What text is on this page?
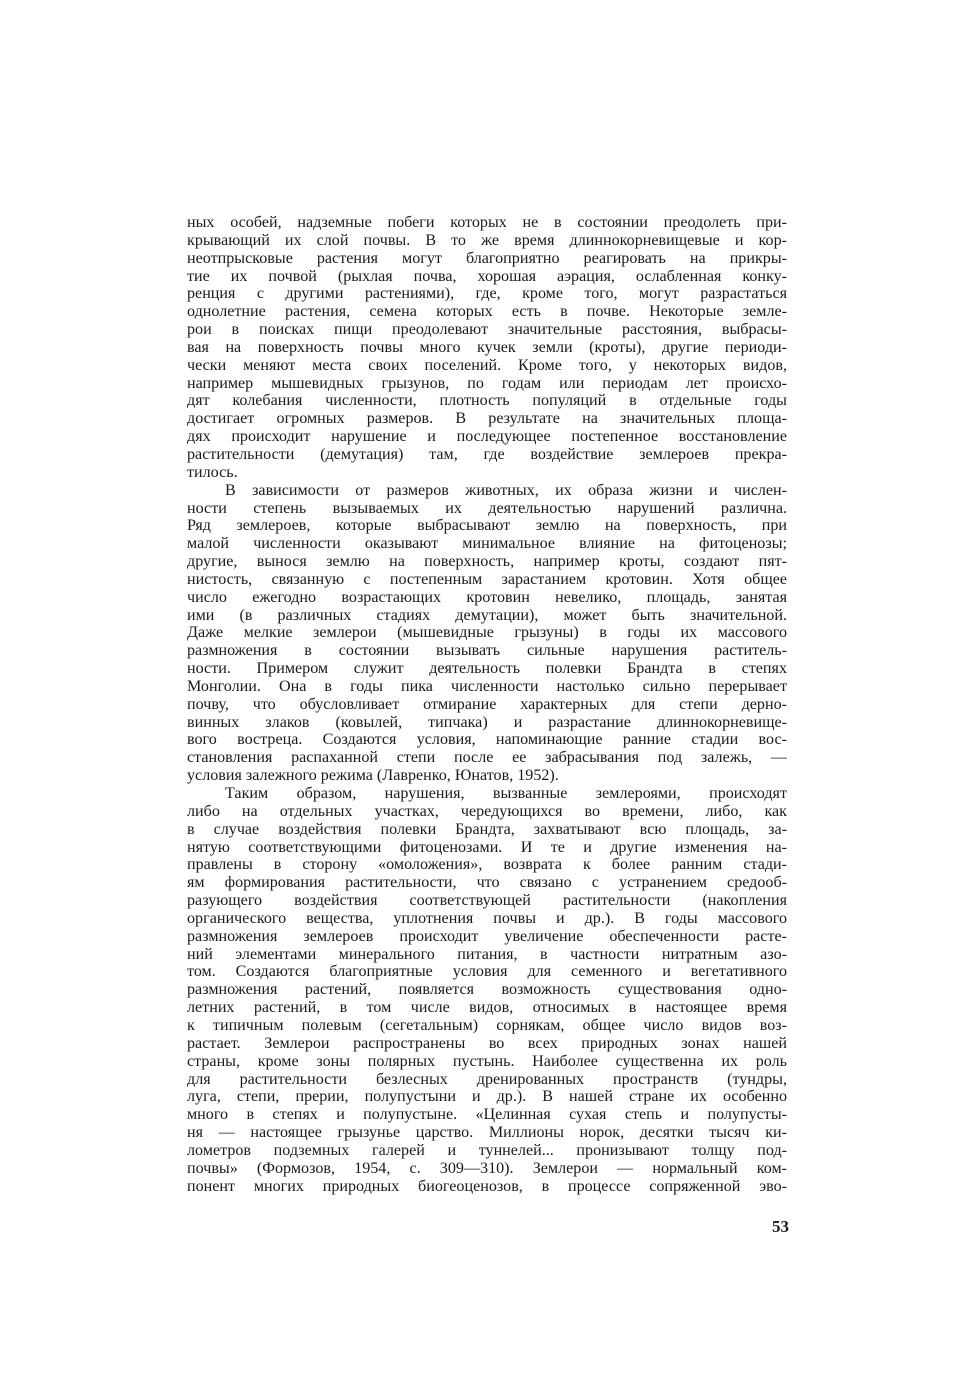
ных особей, надземные побеги которых не в состоянии преодолеть при-
крывающий их слой почвы. В то же время длиннокорневищевые и кор-
неотпрысковые растения могут благоприятно реагировать на прикры-
тие их почвой (рыхлая почва, хорошая аэрация, ослабленная конку-
ренция с другими растениями), где, кроме того, могут разрастаться
однолетние растения, семена которых есть в почве. Некоторые земле-
рои в поисках пищи преодолевают значительные расстояния, выбрасы-
вая на поверхность почвы много кучек земли (кроты), другие периоди-
чески меняют места своих поселений. Кроме того, у некоторых видов,
например мышевидных грызунов, по годам или периодам лет происхо-
дят колебания численности, плотность популяций в отдельные годы
достигает огромных размеров. В результате на значительных площа-
дях происходит нарушение и последующее постепенное восстановление
растительности (демутация) там, где воздействие землероев прекра-
тилось.
В зависимости от размеров животных, их образа жизни и числен-
ности степень вызываемых их деятельностью нарушений различна.
Ряд землероев, которые выбрасывают землю на поверхность, при
малой численности оказывают минимальное влияние на фитоценозы;
другие, вынося землю на поверхность, например кроты, создают пят-
нистость, связанную с постепенным зарастанием кротовин. Хотя общее
число ежегодно возрастающих кротовин невелико, площадь, занятая
ими (в различных стадиях демутации), может быть значительной.
Даже мелкие землерои (мышевидные грызуны) в годы их массового
размножения в состоянии вызывать сильные нарушения раститель-
ности. Примером служит деятельность полевки Брандта в степях
Монголии. Она в годы пика численности настолько сильно перерывает
почву, что обусловливает отмирание характерных для степи дерно-
винных злаков (ковылей, типчака) и разрастание длиннокорневище-
вого вострецa. Создаются условия, напоминающие ранние стадии вос-
становления распаханной степи после ее забрасывания под залежь, —
условия залежного режима (Лавренко, Юнатов, 1952).
Таким образом, нарушения, вызванные землероями, происходят
либо на отдельных участках, чередующихся во времени, либо, как
в случае воздействия полевки Брандта, захватывают всю площадь, за-
нятую соответствующими фитоценозами. И те и другие изменения на-
правлены в сторону «омоложения», возврата к более ранним стади-
ям формирования растительности, что связано с устранением средооб-
разующего воздействия соответствующей растительности (накопления
органического вещества, уплотнения почвы и др.). В годы массового
размножения землероев происходит увеличение обеспеченности расте-
ний элементами минерального питания, в частности нитратным азо-
том. Создаются благоприятные условия для семенного и вегетативного
размножения растений, появляется возможность существования одно-
летних растений, в том числе видов, относимых в настоящее время
к типичным полевым (сегетальным) сорнякам, общее число видов воз-
растает. Землерои распространены во всех природных зонах нашей
страны, кроме зоны полярных пустынь. Наиболее существенна их роль
для растительности безлесных дренированных пространств (тундры,
луга, степи, прерии, полупустыни и др.). В нашей стране их особенно
много в степях и полупустыне. «Целинная сухая степь и полупусты-
ня — настоящее грызунье царство. Миллионы норок, десятки тысяч ки-
лометров подземных галерей и туннелей... пронизывают толщу под-
почвы» (Формозов, 1954, с. 309—310). Землерои — нормальный ком-
понент многих природных биогеоценозов, в процессе сопряженной эво-
53
